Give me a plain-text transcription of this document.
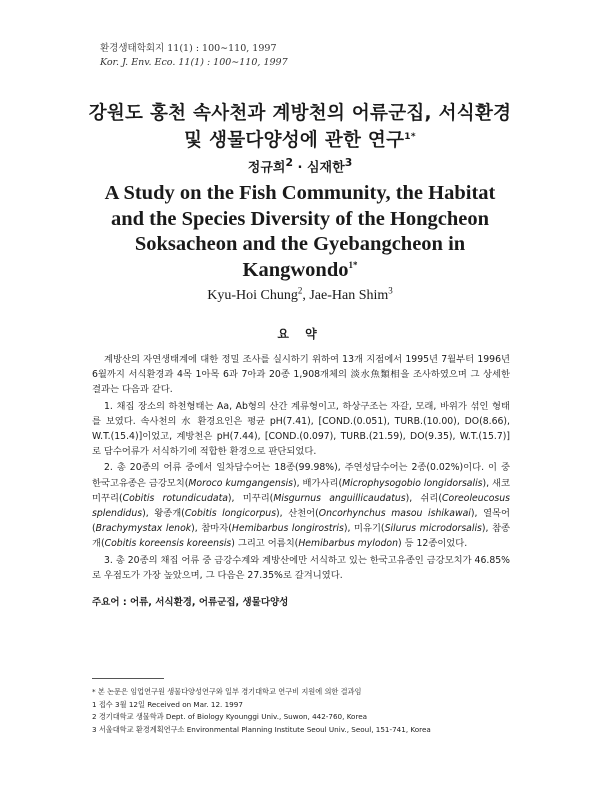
환경생태학회지 11(1) : 100∼110, 1997
Kor. J. Env. Eco. 11(1) : 100∼110, 1997
강원도 홍천 속사천과 계방천의 어류군집, 서식환경
및 생물다양성에 관한 연구$^{1*}$
정규희$^2$ · 심재한$^3$
A Study on the Fish Community, the Habitat
and the Species Diversity of the Hongcheon
Soksacheon and the Gyebangcheon in
Kangwondo$^{1*}$
Kyu-Hoi Chung$^2$, Jae-Han Shim$^3$
요 약

계방산의 자연생태계에 대한 정밀 조사를 실시하기 위하여 13개 지점에서 1995년 7월부터 1996년 6월까지 서식환경과 4목 1아목 6과 7아과 20종 1,908개체의 淡水魚類相을 조사하였으며 그 상세한 결과는 다음과 같다.

1. 채집 장소의 하천형태는 Aa, Ab형의 산간 계류형이고, 하상구조는 자갈, 모래, 바위가 섞인 형태를 보였다. 속사천의 水 환경요인은 평균 pH(7.41), [COND.(0.051), TURB.(10.00), DO(8.66), W.T.(15.4)]이었고, 계방천은 pH(7.44), [COND.(0.097), TURB.(21.59), DO(9.35), W.T.(15.7)]로 담수어류가 서식하기에 적합한 환경으로 판단되었다.

2. 총 20종의 어류 중에서 일차담수어는 18종(99.98%), 주연성담수어는 2종(0.02%)이다. 이 중 한국고유종은 금강모치(Moroco kumgangensis), 배가사리(Microphysogobio longidorsalis), 새코미꾸리(Cobitis rotundicudata), 미꾸리(Misgurnus anguillicaudatus), 쉬리(Coreoleucosus splendidus), 왕종개(Cobitis longicorpus), 산천어(Oncorhynchus masou ishikawai), 열목어(Brachymystax lenok), 참마자(Hemibarbus longirostris), 미유기(Silurus microdorsalis), 참종개(Cobitis koreensis koreensis) 그리고 어름치(Hemibarbus mylodon) 등 12종이었다.

3. 총 20종의 채집 어류 중 금강수계와 계방산에만 서식하고 있는 한국고유종인 금강모치가 46.85%로 우점도가 가장 높았으며, 그 다음은 27.35%로 갈겨니였다.

주요어 : 어류, 서식환경, 어류군집, 생물다양성
* 본 논문은 임업연구원 생물다양성연구와 일부 경기대학교 연구비 지원에 의한 결과임
1 접수 3월 12일 Received on Mar. 12. 1997
2 경기대학교 생물학과 Dept. of Biology Kyounggi Univ., Suwon, 442-760, Korea
3 서울대학교 환경계획연구소 Environmental Planning Institute Seoul Univ., Seoul, 151-741, Korea
